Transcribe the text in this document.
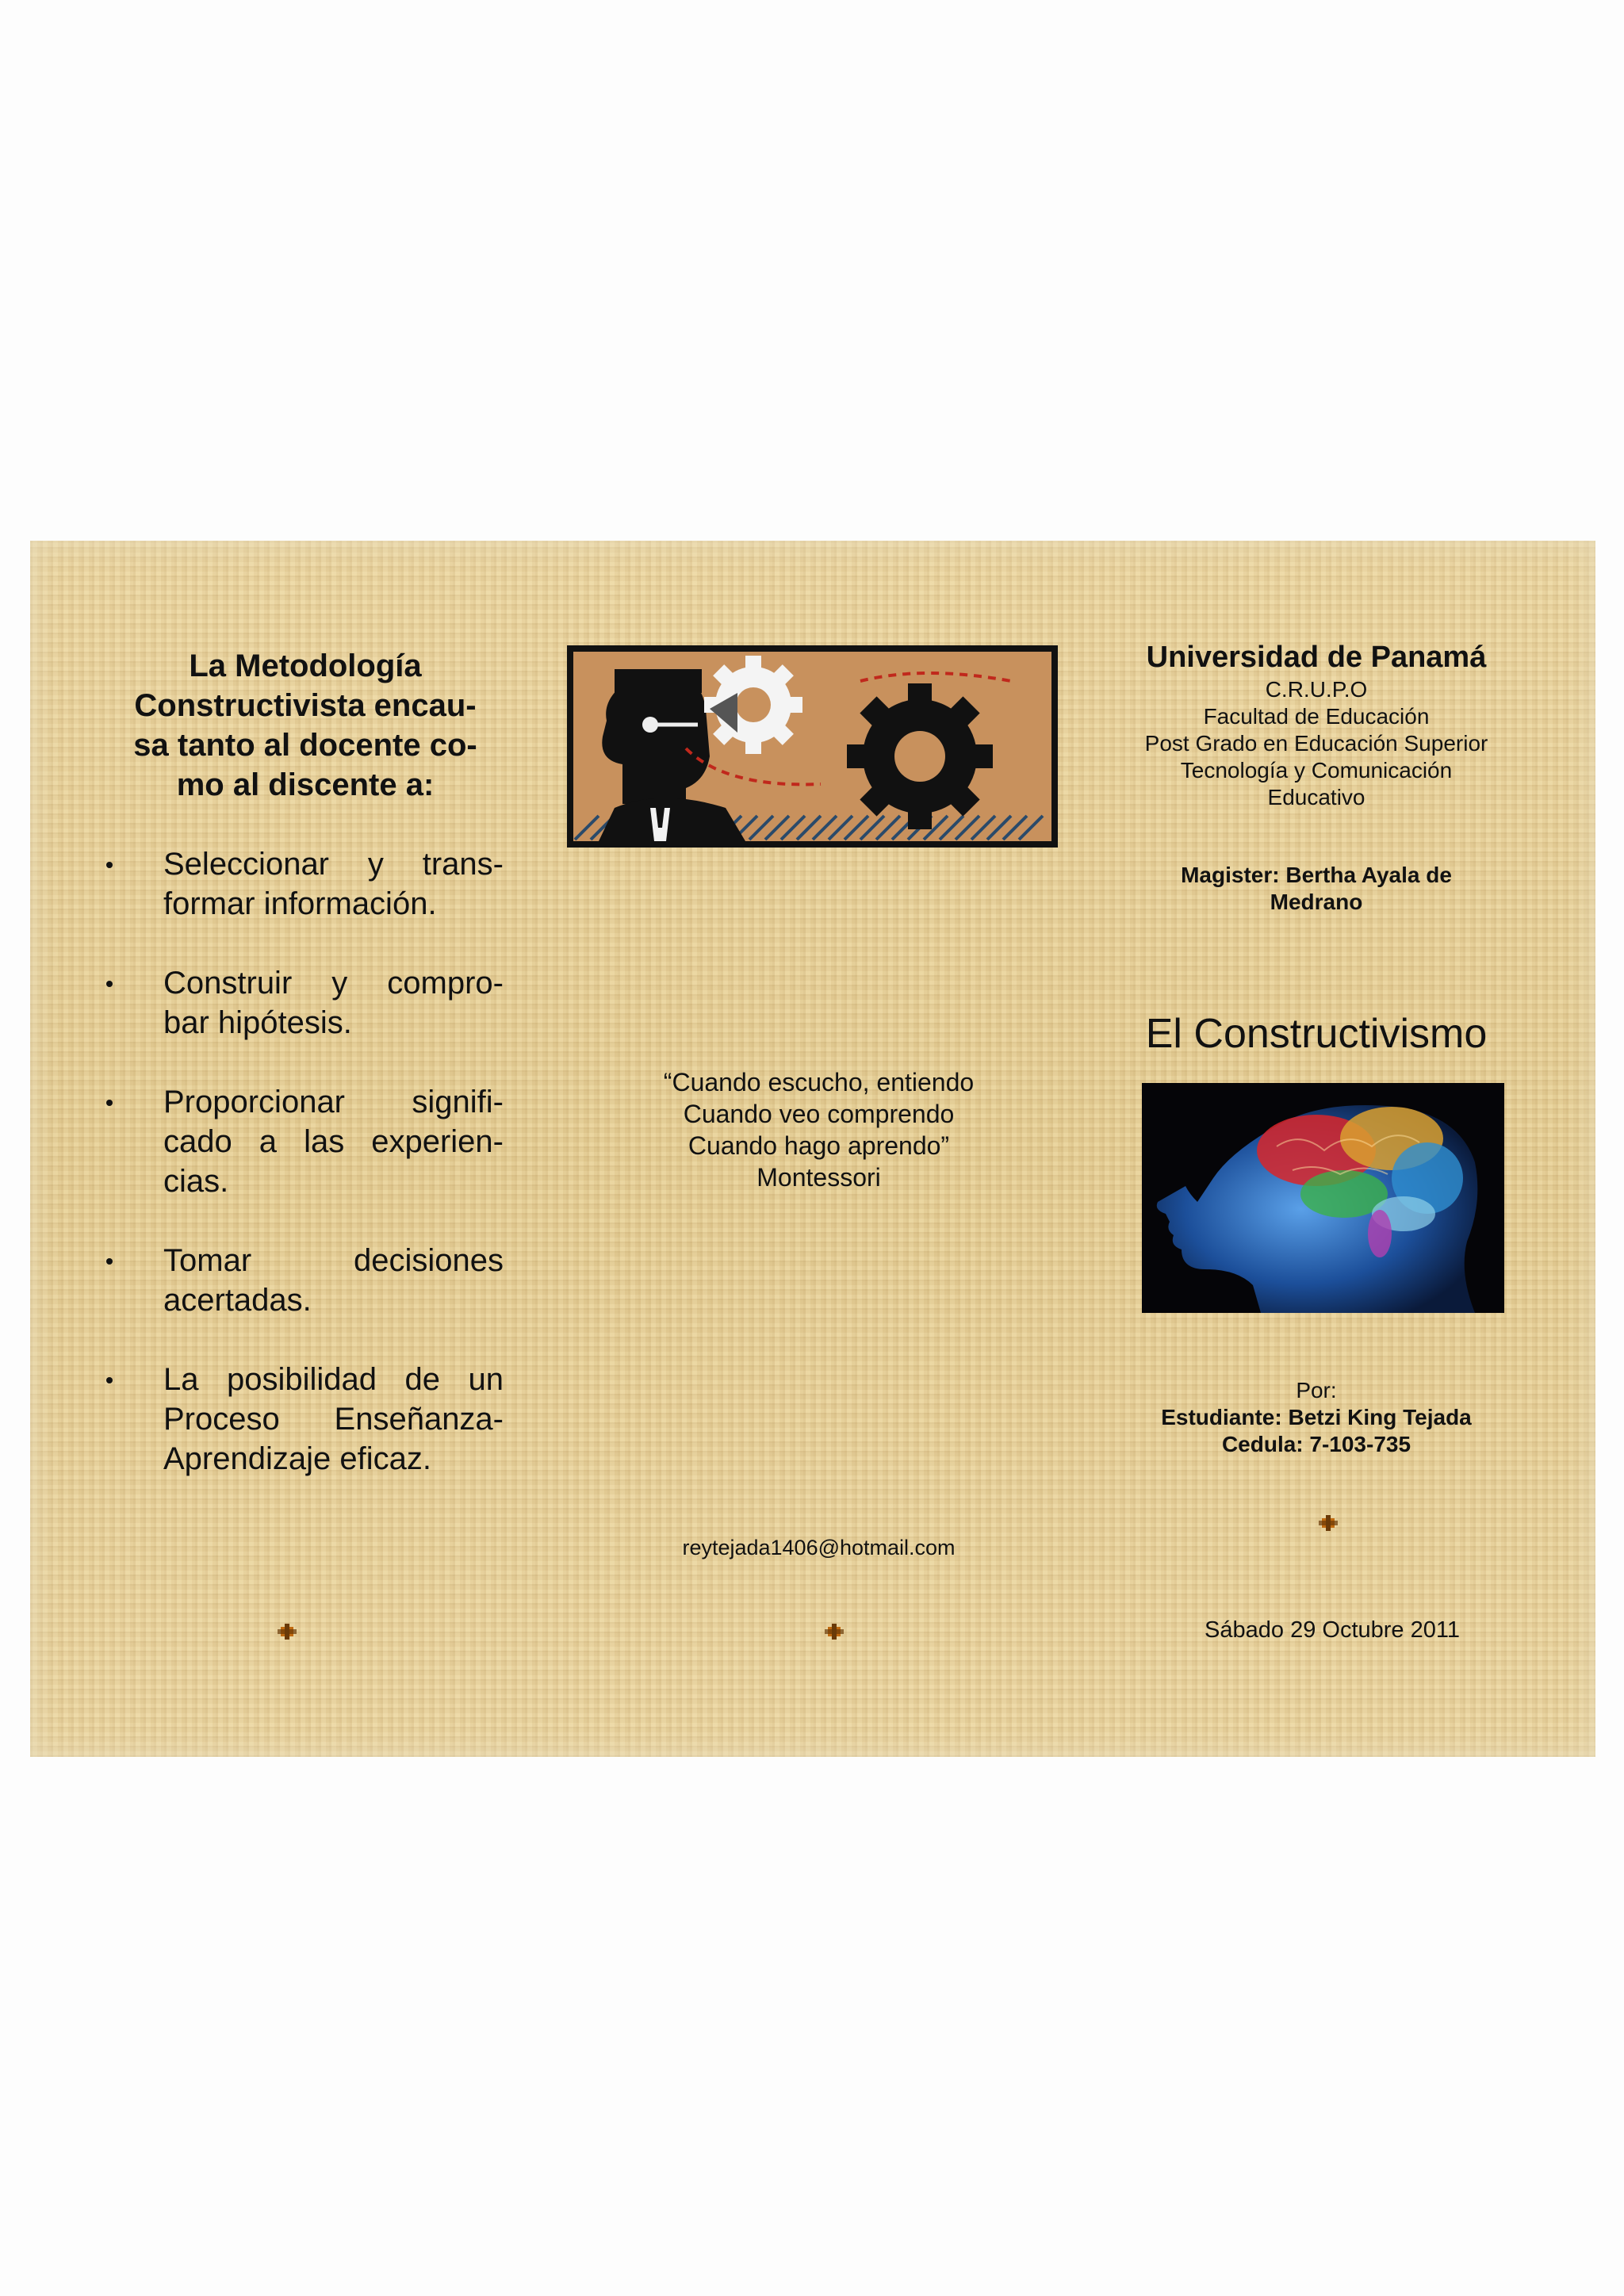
La Metodología
Constructivista encau-
sa tanto al docente co-
mo al discente a:
Seleccionar y trans-
formar información.
Construir y compro-
bar hipótesis.
Proporcionar signifi-
cado a las experien-
cias.
Tomar decisiones
acertadas.
La posibilidad de un
Proceso Enseñanza-
Aprendizaje eficaz.
“Cuando escucho, entiendo
Cuando veo comprendo
Cuando hago aprendo”
Montessori
reytejada1406@hotmail.com
Universidad de Panamá
C.R.U.P.O
Facultad de Educación
Post Grado en Educación Superior
Tecnología y Comunicación
Educativo
Magister: Bertha Ayala de
Medrano
El Constructivismo
Por:
Estudiante: Betzi King Tejada
Cedula: 7-103-735
Sábado 29 Octubre 2011
